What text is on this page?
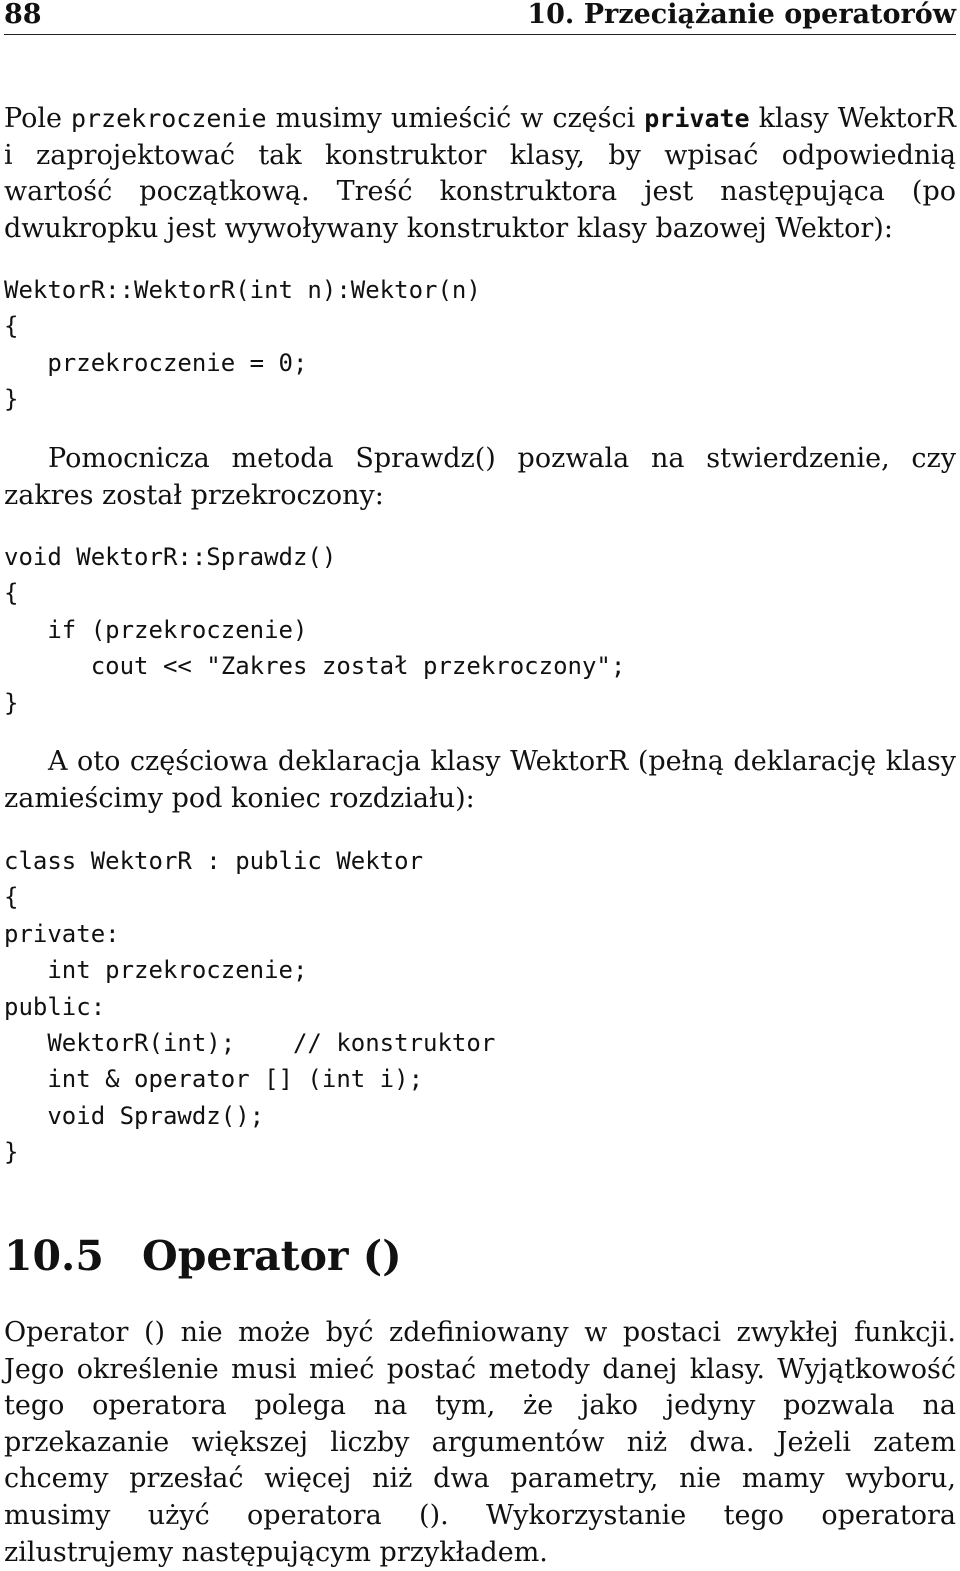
88	10. Przeciążanie operatorów

Pole przekroczenie musimy umieścić w części private klasy WektorR i zaprojektować tak konstruktor klasy, by wpisać odpowiednią wartość początkową. Treść konstruktora jest następująca (po dwukropku jest wywoływany konstruktor klasy bazowej Wektor):

WektorR::WektorR(int n):Wektor(n)
{
przekroczenie = 0;
}

Pomocnicza metoda Sprawdz() pozwala na stwierdzenie, czy zakres został przekroczony:

void WektorR::Sprawdz()
{
if (przekroczenie)
cout << "Zakres został przekroczony";
}

A oto częściowa deklaracja klasy WektorR (pełną deklarację klasy zamieścimy pod koniec rozdziału):

class WektorR : public Wektor
{
private:
int przekroczenie;
public:
WektorR(int);    // konstruktor
int & operator [] (int i);
void Sprawdz();
}
10.5 Operator ()

Operator () nie może być zdefiniowany w postaci zwykłej funkcji. Jego określenie musi mieć postać metody danej klasy. Wyjątkowość tego operatora polega na tym, że jako jedyny pozwala na przekazanie większej liczby argumentów niż dwa. Jeżeli zatem chcemy przesłać więcej niż dwa parametry, nie mamy wyboru, musimy użyć operatora (). Wykorzystanie tego operatora zilustrujemy następującym przykładem.
